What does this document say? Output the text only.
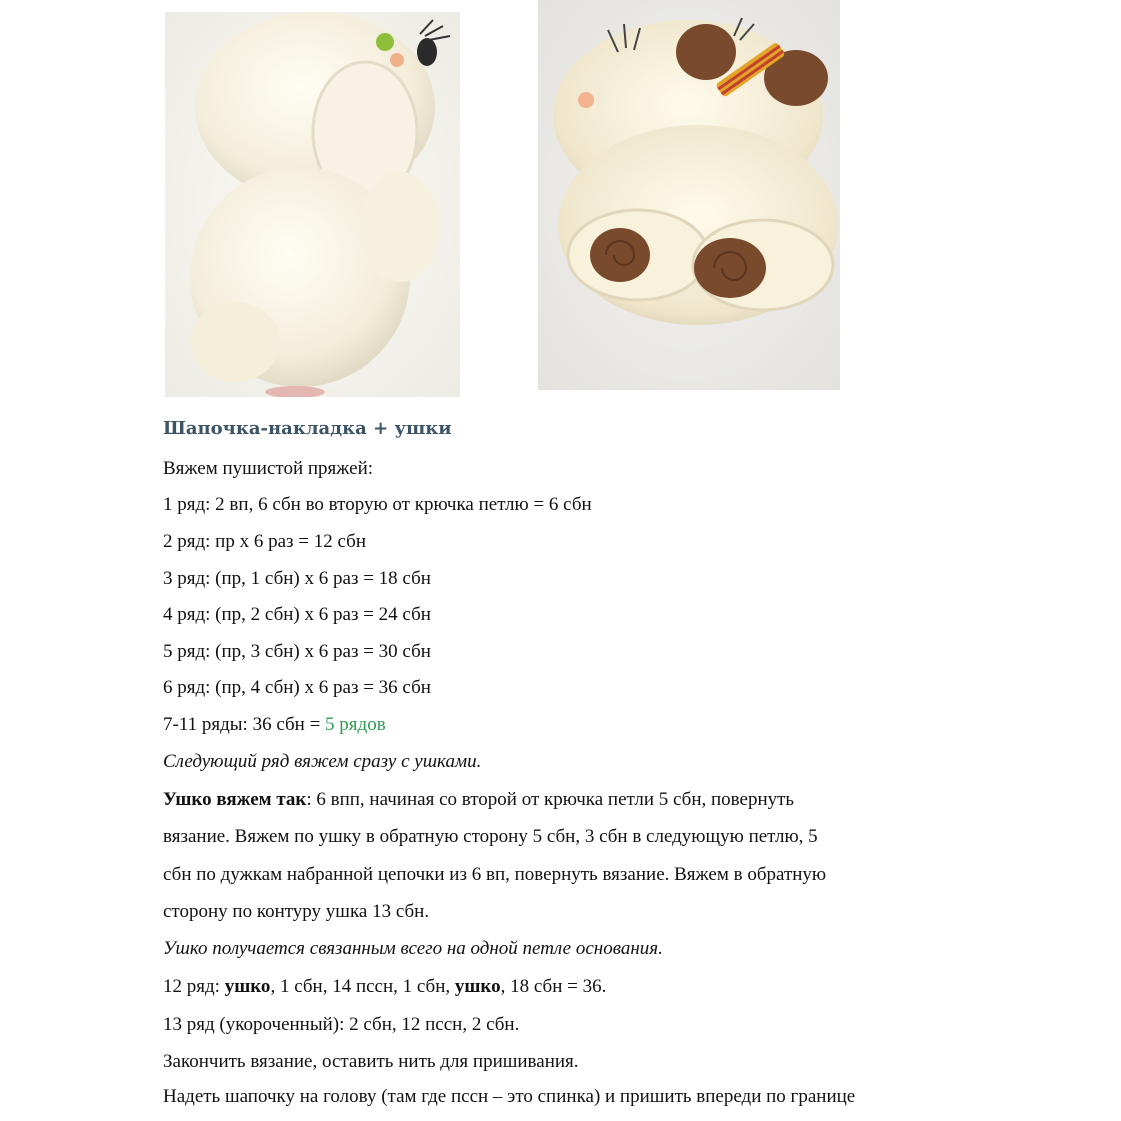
Шапочка-накладка + ушки
Вяжем пушистой пряжей:
1 ряд: 2 вп, 6 сбн во вторую от крючка петлю = 6 сбн
2 ряд: пр х 6 раз = 12 сбн
3 ряд: (пр, 1 сбн) х 6 раз = 18 сбн
4 ряд: (пр, 2 сбн) х 6 раз = 24 сбн
5 ряд: (пр, 3 сбн) х 6 раз = 30 сбн
6 ряд: (пр, 4 сбн) х 6 раз = 36 сбн
7-11 ряды: 36 сбн = 5 рядов
Следующий ряд вяжем сразу с ушками.
Ушко вяжем так: 6 впп, начиная со второй от крючка петли 5 сбн, повернуть
вязание. Вяжем по ушку в обратную сторону 5 сбн, 3 сбн в следующую петлю, 5
сбн по дужкам набранной цепочки из 6 вп, повернуть вязание. Вяжем в обратную
сторону по контуру ушка 13 сбн.
Ушко получается связанным всего на одной петле основания.
12 ряд: ушко, 1 сбн, 14 пссн, 1 сбн, ушко, 18 сбн = 36.
13 ряд (укороченный): 2 сбн, 12 пссн, 2 сбн.
Закончить вязание, оставить нить для пришивания.
Надеть шапочку на голову (там где пссн – это спинка) и пришить впереди по границе
